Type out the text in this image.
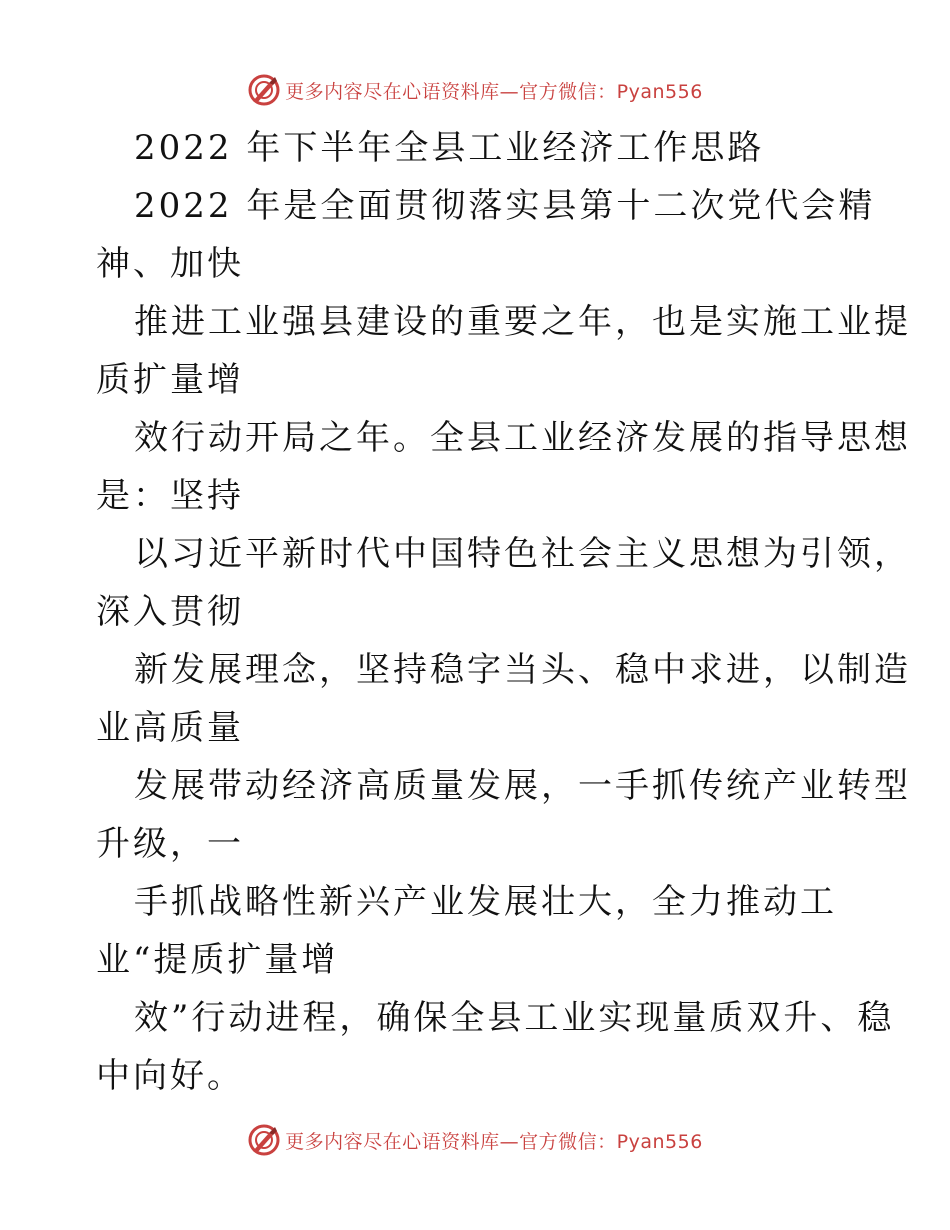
更多内容尽在心语资料库—官方微信：Pyan556
2022 年下半年全县工业经济工作思路
2022 年是全面贯彻落实县第十二次党代会精
神、加快
推进工业强县建设的重要之年，也是实施工业提
质扩量增
效行动开局之年。全县工业经济发展的指导思想
是：坚持
以习近平新时代中国特色社会主义思想为引领，
深入贯彻
新发展理念，坚持稳字当头、稳中求进，以制造
业高质量
发展带动经济高质量发展，一手抓传统产业转型
升级，一
手抓战略性新兴产业发展壮大，全力推动工
业“提质扩量增
效”行动进程，确保全县工业实现量质双升、稳
中向好。
更多内容尽在心语资料库—官方微信：Pyan556
